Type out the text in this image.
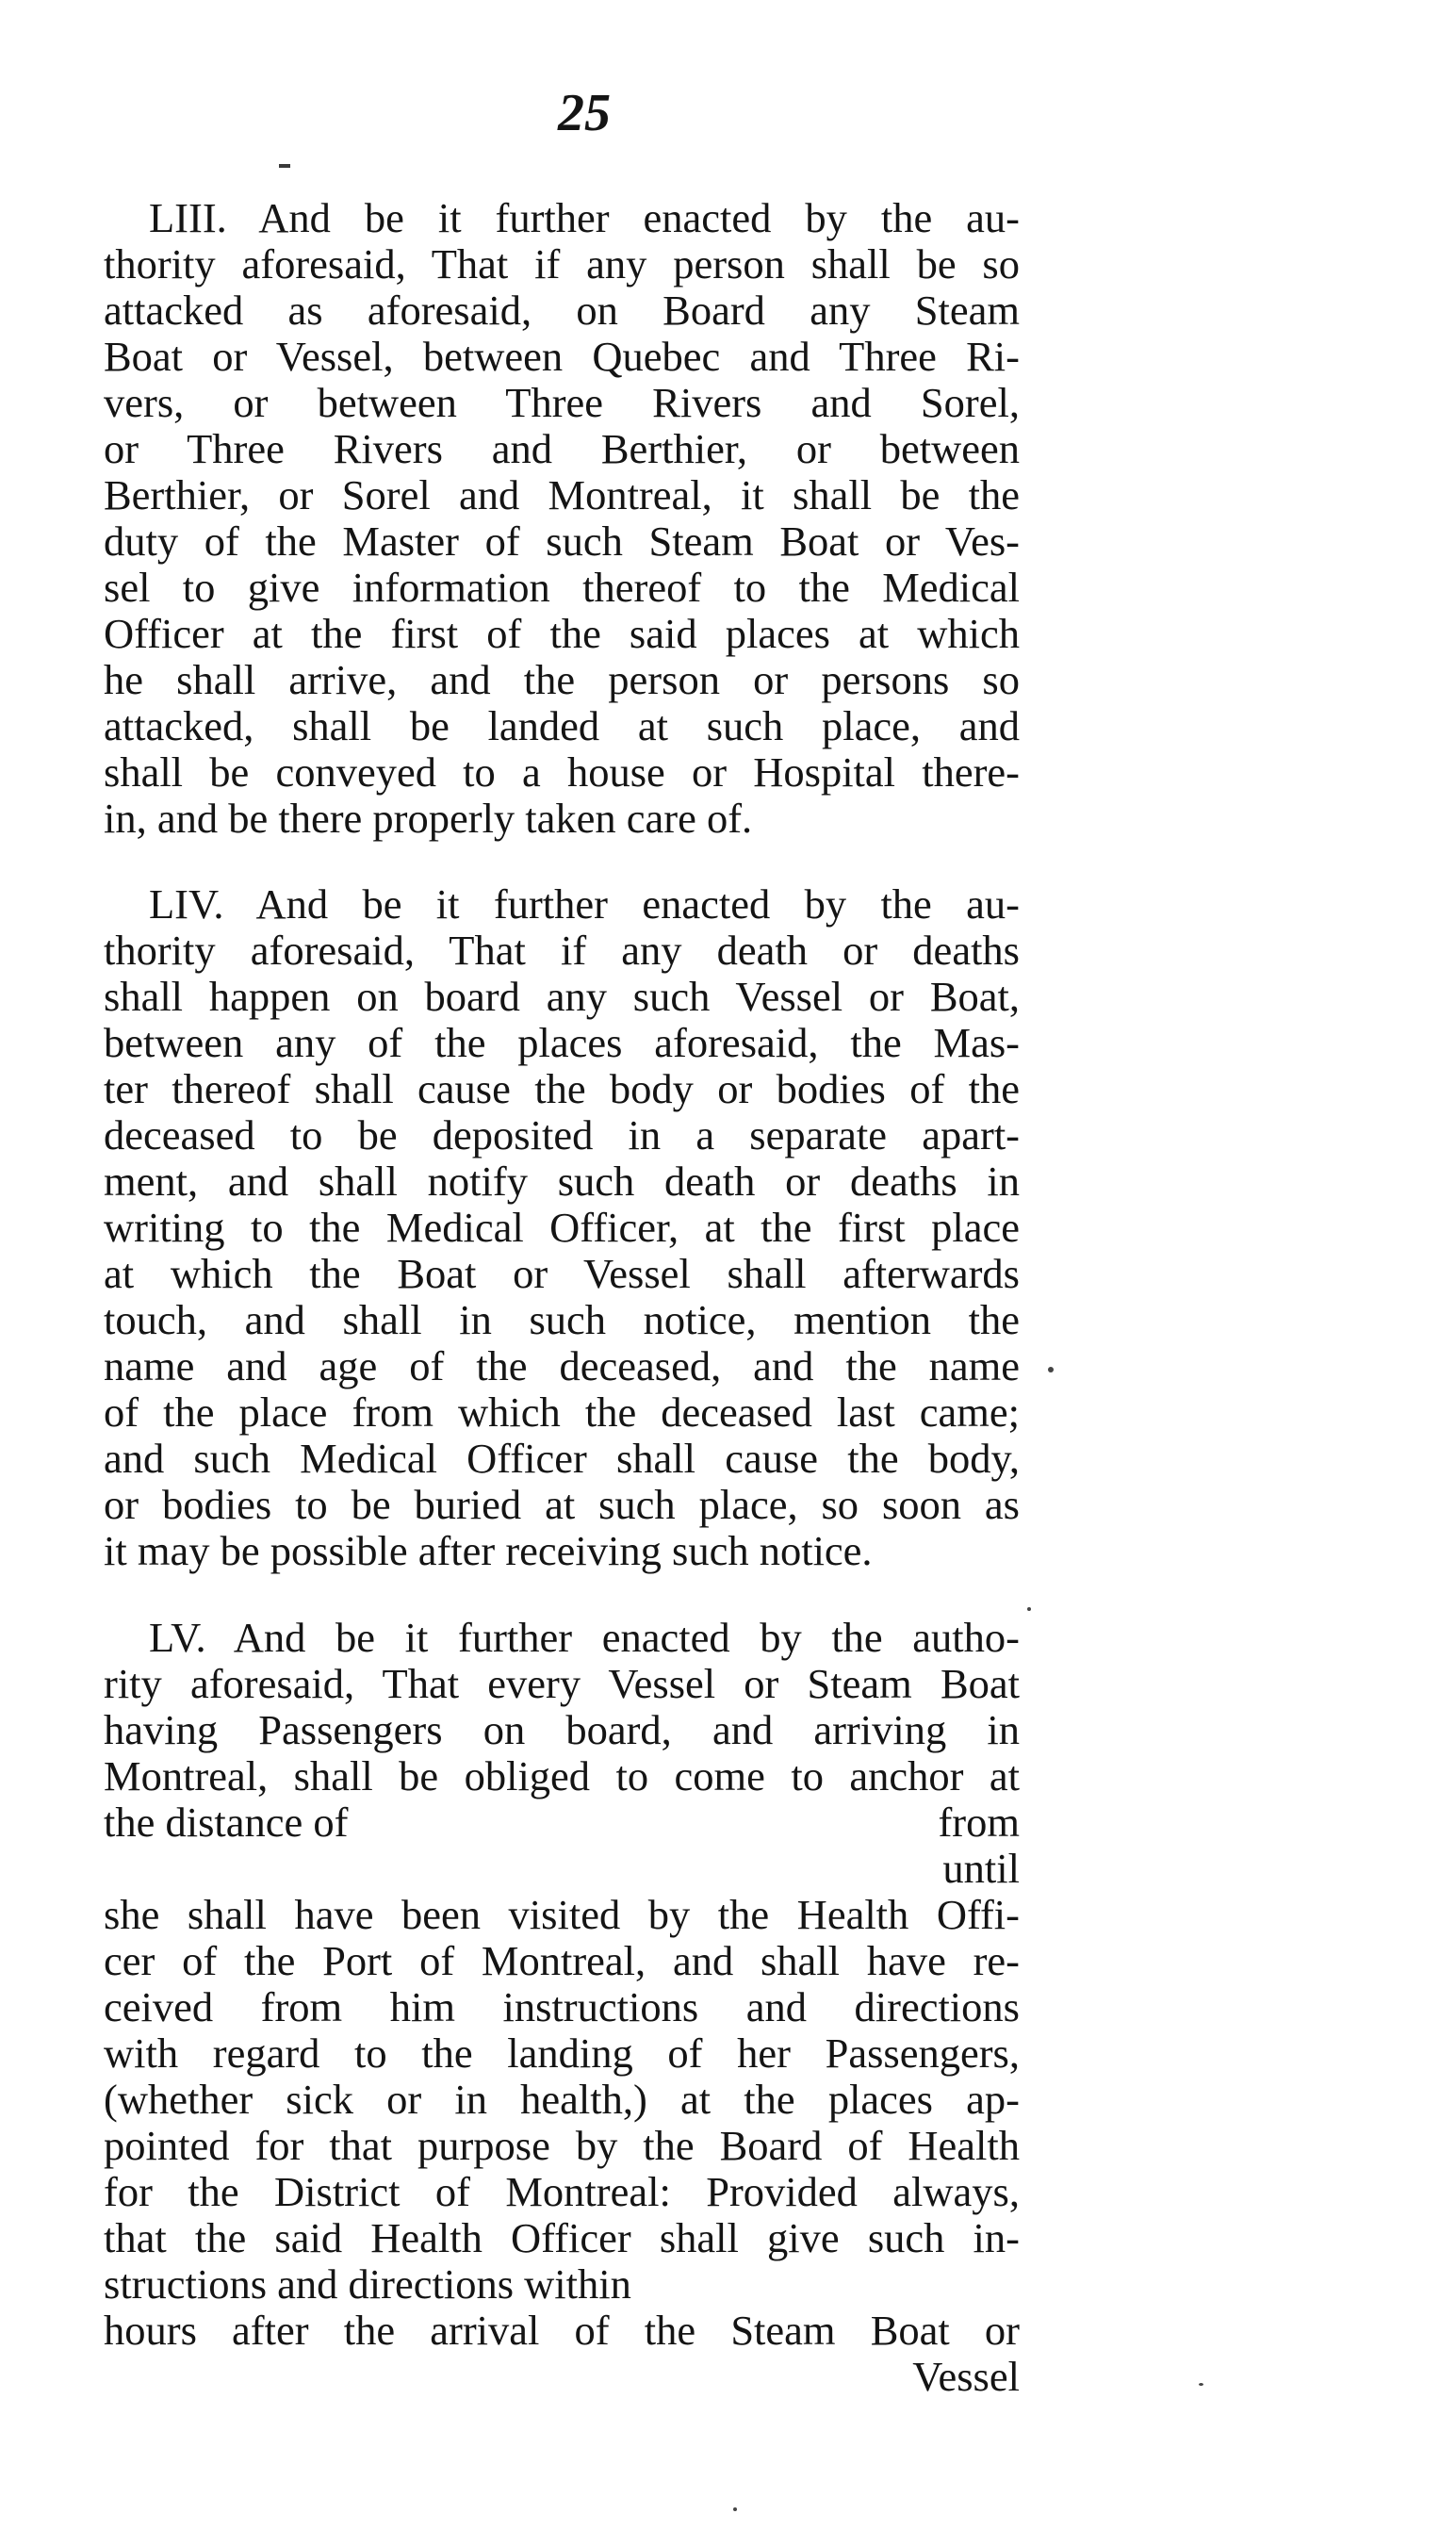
25
LIII. And be it further enacted by the au-
thority aforesaid, That if any person shall be so
attacked as aforesaid, on Board any Steam
Boat or Vessel, between Quebec and Three Ri-
vers, or between Three Rivers and Sorel,
or Three Rivers and Berthier, or between
Berthier, or Sorel and Montreal, it shall be the
duty of the Master of such Steam Boat or Ves-
sel to give information thereof to the Medical
Officer at the first of the said places at which
he shall arrive, and the person or persons so
attacked, shall be landed at such place, and
shall be conveyed to a house or Hospital there-
in, and be there properly taken care of.
LIV. And be it further enacted by the au-
thority aforesaid, That if any death or deaths
shall happen on board any such Vessel or Boat,
between any of the places aforesaid, the Mas-
ter thereof shall cause the body or bodies of the
deceased to be deposited in a separate apart-
ment, and shall notify such death or deaths in
writing to the Medical Officer, at the first place
at which the Boat or Vessel shall afterwards
touch, and shall in such notice, mention the
name and age of the deceased, and the name
of the place from which the deceased last came;
and such Medical Officer shall cause the body,
or bodies to be buried at such place, so soon as
it may be possible after receiving such notice.
LV. And be it further enacted by the autho-
rity aforesaid, That every Vessel or Steam Boat
having Passengers on board, and arriving in
Montreal, shall be obliged to come to anchor at
the distance of	from
until
she shall have been visited by the Health Offi-
cer of the Port of Montreal, and shall have re-
ceived from him instructions and directions
with regard to the landing of her Passengers,
(whether sick or in health,) at the places ap-
pointed for that purpose by the Board of Health
for the District of Montreal: Provided always,
that the said Health Officer shall give such in-
structions and directions within
hours after the arrival of the Steam Boat or
Vessel
